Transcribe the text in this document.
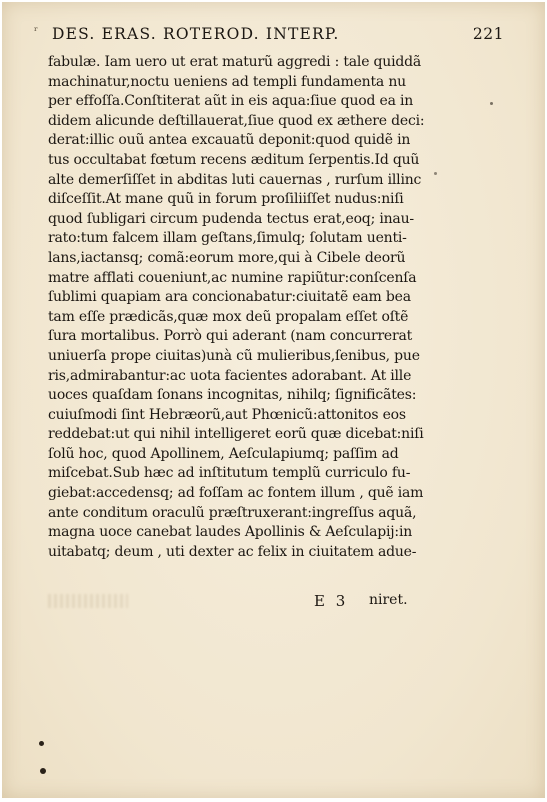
ʳ DES. ERAS. ROTEROD. INTERP.	221
fabulæ. Iam uero ut erat maturũ aggredi : tale quiddã
machinatur,noctu ueniens ad templi fundamenta nu
per effoſſa.Conſtiterat aũt in eis aqua:ſiue quod ea in
didem alicunde deſtillauerat,ſiue quod ex æthere deci:
derat:illic ouũ antea excauatũ deponit:quod quidẽ in
tus occultabat fœtum recens æditum ſerpentis.Id quũ
alte demerſiſſet in abditas luti cauernas , rurſum illinc
diſceſſit.At mane quũ in forum proſiliiſſet nudus:niſi
quod ſubligari circum pudenda tectus erat,eoq; inau-
rato:tum falcem illam geſtans,ſimulq; ſolutam uenti-
lans,iactansq; comã:eorum more,qui à Cibele deorũ
matre afflati coueniunt,ac numine rapiũtur:conſcenſa
ſublimi quapiam ara concionabatur:ciuitatẽ eam bea
tam eſſe prædicãs,quæ mox deũ propalam eſſet oſtẽ
ſura mortalibus. Porrò qui aderant (nam concurrerat
uniuerſa prope ciuitas)unà cũ mulieribus,ſenibus, pue
ris,admirabantur:ac uota facientes adorabant. At ille
uoces quaſdam ſonans incognitas, nihilq; ſignificãtes:
cuiuſmodi ſint Hebræorũ,aut Phœnicũ:attonitos eos
reddebat:ut qui nihil intelligeret eorũ quæ dicebat:niſi
ſolũ hoc, quod Apollinem, Aeſculapiumq; paſſim ad
miſcebat.Sub hæc ad inſtitutum templũ curriculo fu-
giebat:accedensq; ad foſſam ac fontem illum , quẽ iam
ante conditum oraculũ præſtruxerant:ingreſſus aquã,
magna uoce canebat laudes Apollinis & Aeſculapij:in
uitabatq; deum , uti dexter ac felix in ciuitatem adue-
E 3 niret.
